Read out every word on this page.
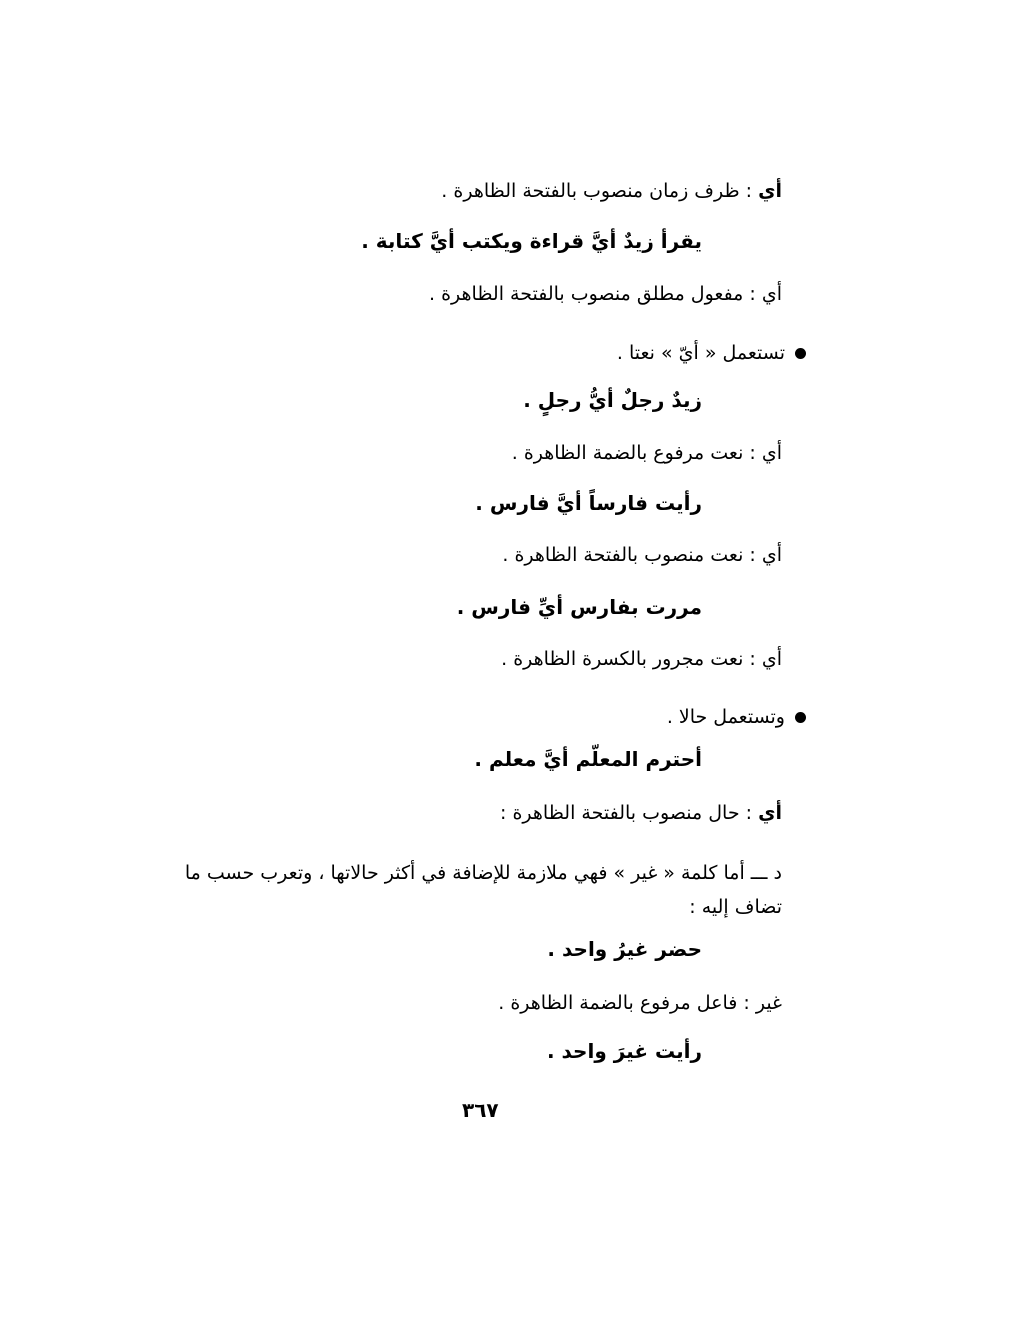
أي : ظرف زمان منصوب بالفتحة الظاهرة .
يقرأ زيدٌ أيَّ قراءة ويكتب أيَّ كتابة .
أي : مفعول مطلق منصوب بالفتحة الظاهرة .
تستعمل « أيّ » نعتا .
زيدٌ رجلٌ أيُّ رجلٍ .
أي : نعت مرفوع بالضمة الظاهرة .
رأيت فارساً أيَّ فارس .
أي : نعت منصوب بالفتحة الظاهرة .
مررت بفارس أيِّ فارس .
أي : نعت مجرور بالكسرة الظاهرة .
وتستعمل حالا .
أحترم المعلّم أيَّ معلم .
أي : حال منصوب بالفتحة الظاهرة :
د ـــ أما كلمة « غير » فهي ملازمة للإضافة في أكثر حالاتها ، وتعرب حسب ما تضاف إليه :
حضر غيرُ واحد .
غير : فاعل مرفوع بالضمة الظاهرة .
رأيت غيرَ واحد .
٣٦٧
